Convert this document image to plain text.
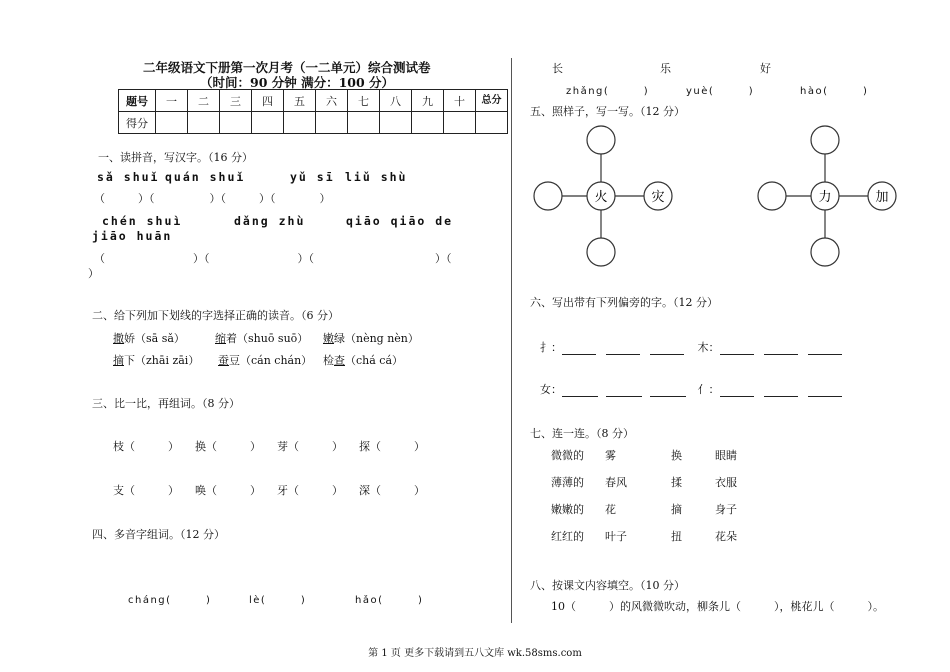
二年级语文下册第一次月考（一二单元）综合测试卷
（时间：90 分钟 满分：100 分）
题号	一	二	三	四	五	六	七	八	九	十	总分
得分											
一、读拼音，写汉字。（16 分）
sǎ shuǐ quán shuǐ	yǔ sī liǔ shù
（　　　）（　　　　　）（　　　）（　　　　）
chén shuì	dǎng zhù	qiāo qiāo de
jiāo huān
（　　　　　　　　）（　　　　　　　　）（　　　　　　　　　　　）（
）
二、给下列加下划线的字选择正确的读音。（6 分）
撒娇（sā sǎ）	缩着（shuō suō） 嫩绿（nèng nèn）
摘下（zhāi zāi） 蚕豆（cán chán） 检查（chá cá）
三、比一比，再组词。（8 分）
枝（　　　） 换（　　　） 芽（　　　） 探（　　　）
支（　　　） 唤（　　　） 牙（　　　） 深（　　　）
四、多音字组词。（12 分）
cháng(　　　)	lè(　　　)	hǎo(　　　)
长	乐	好
zhǎng(　　　)	yuè(　　　)	hào(　　　)
五、照样子，写一写。（12 分）
火	灾	力	加
六、写出带有下列偏旁的字。（12 分）
扌：	木：
女：	亻：
七、连一连。（8 分）
微微的 雾	换	眼睛
薄薄的 春风	揉	衣服
嫩嫩的 花	摘	身子
红红的 叶子	扭	花朵
八、按课文内容填空。（10 分）
10（　　　）的风微微吹动，柳条儿（　　　），桃花儿（　　　）。
第 1 页 更多下载请到五八文库 wk.58sms.com
